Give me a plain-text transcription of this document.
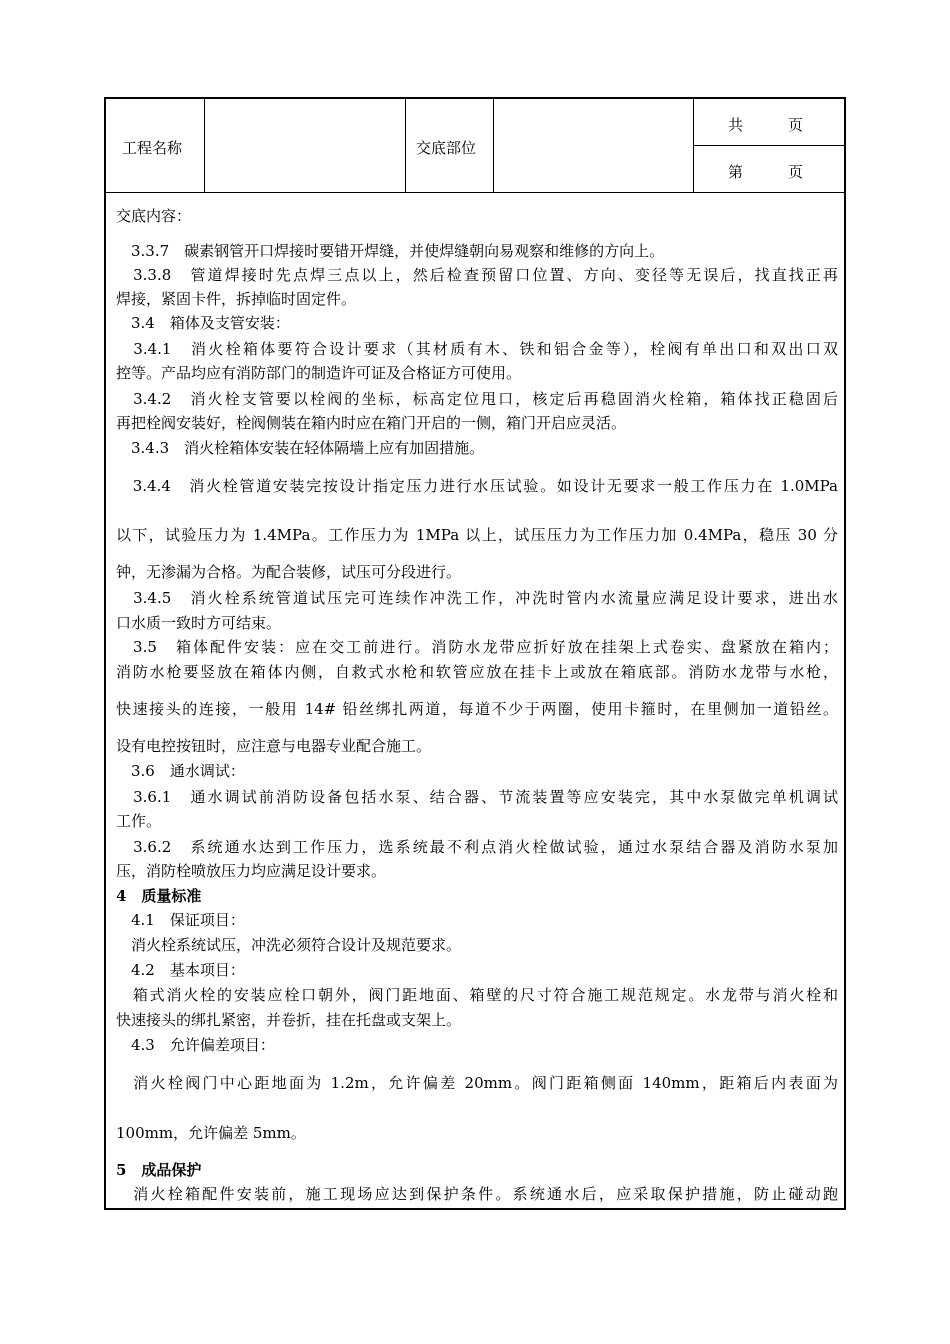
工程名称	交底部位
共　　　页
第　　　页
交底内容：
　3.3.7　碳素钢管开口焊接时要错开焊缝，并使焊缝朝向易观察和维修的方向上。
　3.3.8　管道焊接时先点焊三点以上，然后检查预留口位置、方向、变径等无误后，找直找正再
焊接，紧固卡件，拆掉临时固定件。
　3.4　箱体及支管安装：
　3.4.1　消火栓箱体要符合设计要求（其材质有木、铁和铝合金等），栓阀有单出口和双出口双
控等。产品均应有消防部门的制造许可证及合格证方可使用。
　3.4.2　消火栓支管要以栓阀的坐标，标高定位甩口，核定后再稳固消火栓箱，箱体找正稳固后
再把栓阀安装好，栓阀侧装在箱内时应在箱门开启的一侧，箱门开启应灵活。
　3.4.3　消火栓箱体安装在轻体隔墙上应有加固措施。
　3.4.4　消火栓管道安装完按设计指定压力进行水压试验。如设计无要求一般工作压力在 1.0MPa
以下，试验压力为 1.4MPa。工作压力为 1MPa 以上，试压压力为工作压力加 0.4MPa，稳压 30 分
钟，无渗漏为合格。为配合装修，试压可分段进行。
　3.4.5　消火栓系统管道试压完可连续作冲洗工作，冲洗时管内水流量应满足设计要求，进出水
口水质一致时方可结束。
　3.5　箱体配件安装：应在交工前进行。消防水龙带应折好放在挂架上式卷实、盘紧放在箱内；
消防水枪要竖放在箱体内侧，自救式水枪和软管应放在挂卡上或放在箱底部。消防水龙带与水枪，
快速接头的连接，一般用 14# 铅丝绑扎两道，每道不少于两圈，使用卡箍时，在里侧加一道铅丝。
设有电控按钮时，应注意与电器专业配合施工。
　3.6　通水调试：
　3.6.1　通水调试前消防设备包括水泵、结合器、节流装置等应安装完，其中水泵做完单机调试
工作。
　3.6.2　系统通水达到工作压力，选系统最不利点消火栓做试验，通过水泵结合器及消防水泵加
压，消防栓喷放压力均应满足设计要求。
4　质量标准
　4.1　保证项目：
　消火栓系统试压，冲洗必须符合设计及规范要求。
　4.2　基本项目：
　箱式消火栓的安装应栓口朝外，阀门距地面、箱壁的尺寸符合施工规范规定。水龙带与消火栓和
快速接头的绑扎紧密，并卷折，挂在托盘或支架上。
　4.3　允许偏差项目：
　消火栓阀门中心距地面为 1.2m，允许偏差 20mm。阀门距箱侧面 140mm，距箱后内表面为
100mm，允许偏差 5mm。
5　成品保护
　消火栓箱配件安装前，施工现场应达到保护条件。系统通水后，应采取保护措施，防止碰动跑
